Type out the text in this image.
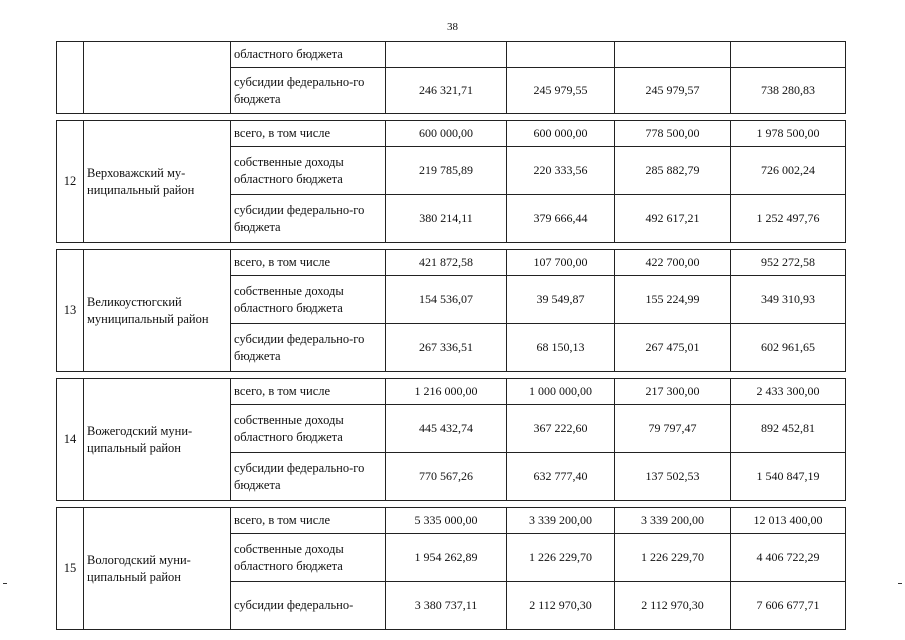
38
		областного бюджета				
		субсидии федерально-го бюджета	246 321,71	245 979,55	245 979,57	738 280,83

12	Верховажский му-ниципальный район	всего, в том числе	600 000,00	600 000,00	778 500,00	1 978 500,00
		собственные доходы областного бюджета	219 785,89	220 333,56	285 882,79	726 002,24
		субсидии федерально-го бюджета	380 214,11	379 666,44	492 617,21	1 252 497,76

13	Великоустюгский муниципальный район	всего, в том числе	421 872,58	107 700,00	422 700,00	952 272,58
		собственные доходы областного бюджета	154 536,07	39 549,87	155 224,99	349 310,93
		субсидии федерально-го бюджета	267 336,51	68 150,13	267 475,01	602 961,65

14	Вожегодский муни-ципальный район	всего, в том числе	1 216 000,00	1 000 000,00	217 300,00	2 433 300,00
		собственные доходы областного бюджета	445 432,74	367 222,60	79 797,47	892 452,81
		субсидии федерально-го бюджета	770 567,26	632 777,40	137 502,53	1 540 847,19

15	Вологодский муни-ципальный район	всего, в том числе	5 335 000,00	3 339 200,00	3 339 200,00	12 013 400,00
		собственные доходы областного бюджета	1 954 262,89	1 226 229,70	1 226 229,70	4 406 722,29
		субсидии федерально-	3 380 737,11	2 112 970,30	2 112 970,30	7 606 677,71
